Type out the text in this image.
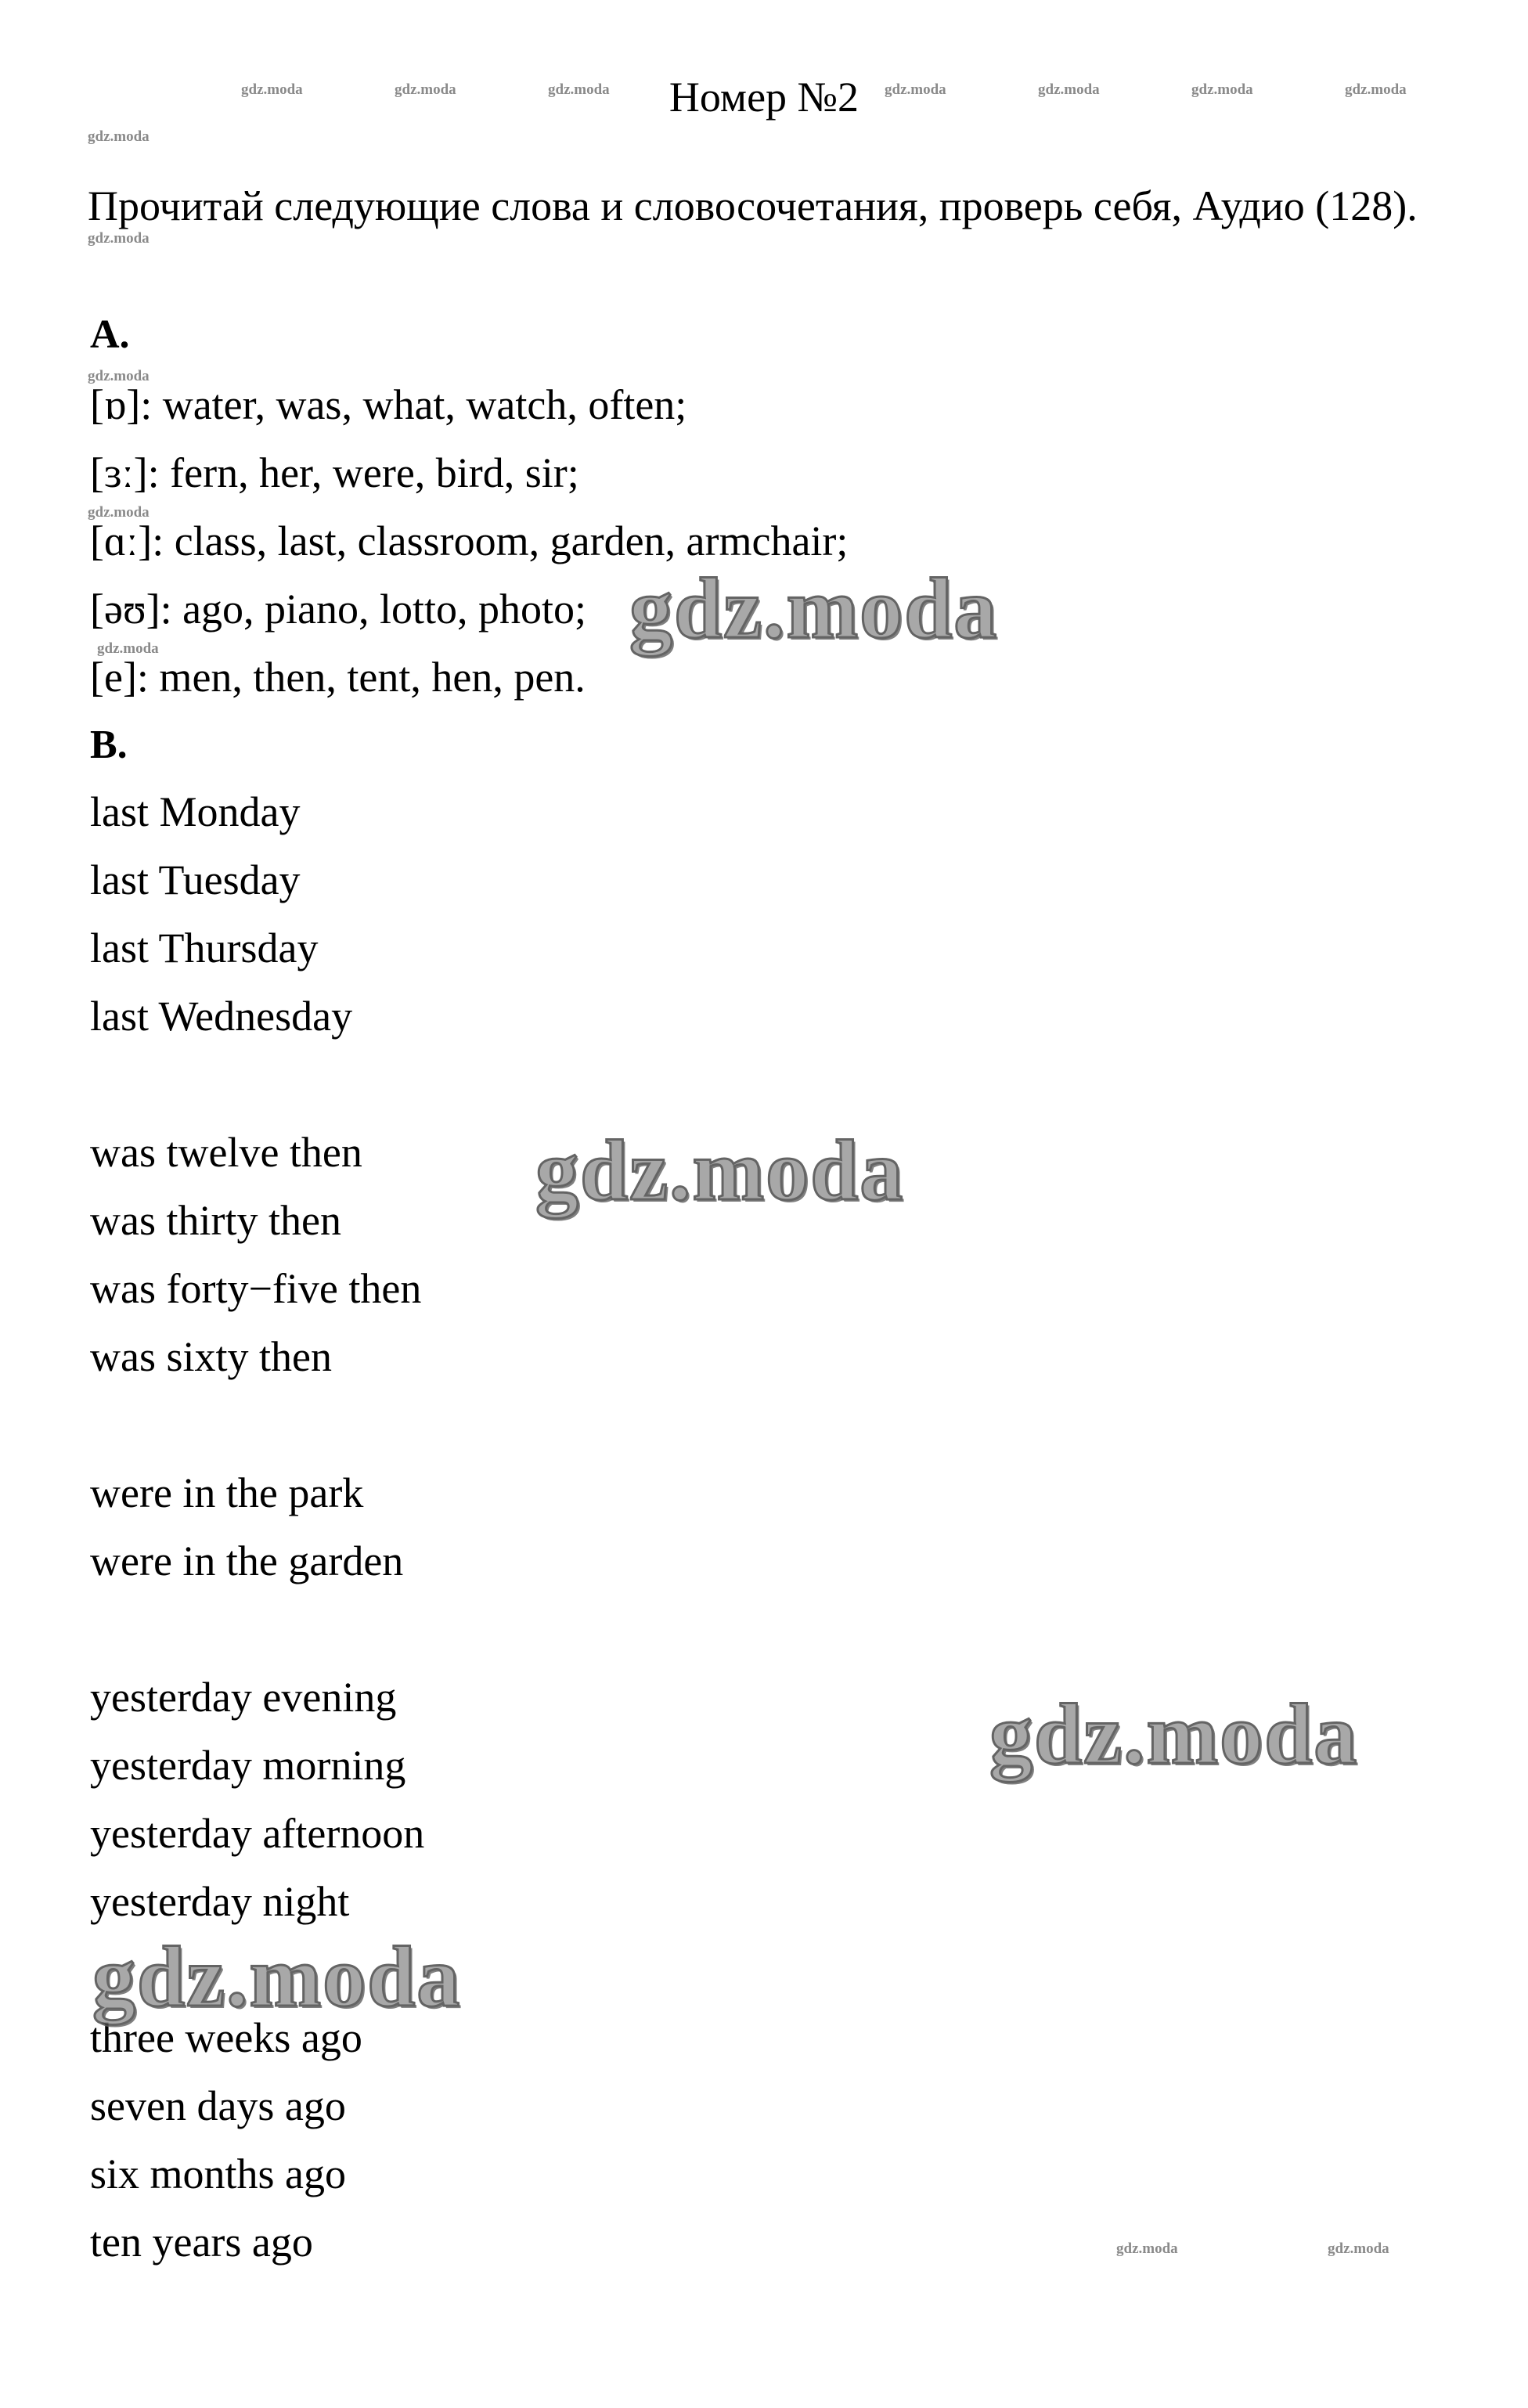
gdz.moda	gdz.moda	gdz.moda	gdz.moda	gdz.moda	gdz.moda	gdz.moda
gdz.moda
gdz.moda
gdz.moda
gdz.moda
gdz.moda
gdz.moda	gdz.moda
Номер №2
Прочитай следующие слова и словосочетания, проверь себя, Аудио (128).
A.
[ɒ]: water, was, what, watch, often;
[ɜː]: fern, her, were, bird, sir;
[ɑː]: class, last, classroom, garden, armchair;
[əʊ]: ago, piano, lotto, photo;
[e]: men, then, tent, hen, pen.
B.
last Monday
last Tuesday
last Thursday
last Wednesday
was twelve then
was thirty then
was forty−five then
was sixty then
were in the park
were in the garden
yesterday evening
yesterday morning
yesterday afternoon
yesterday night
three weeks ago
seven days ago
six months ago
ten years ago
gdz.moda
gdz.moda
gdz.moda
gdz.moda
